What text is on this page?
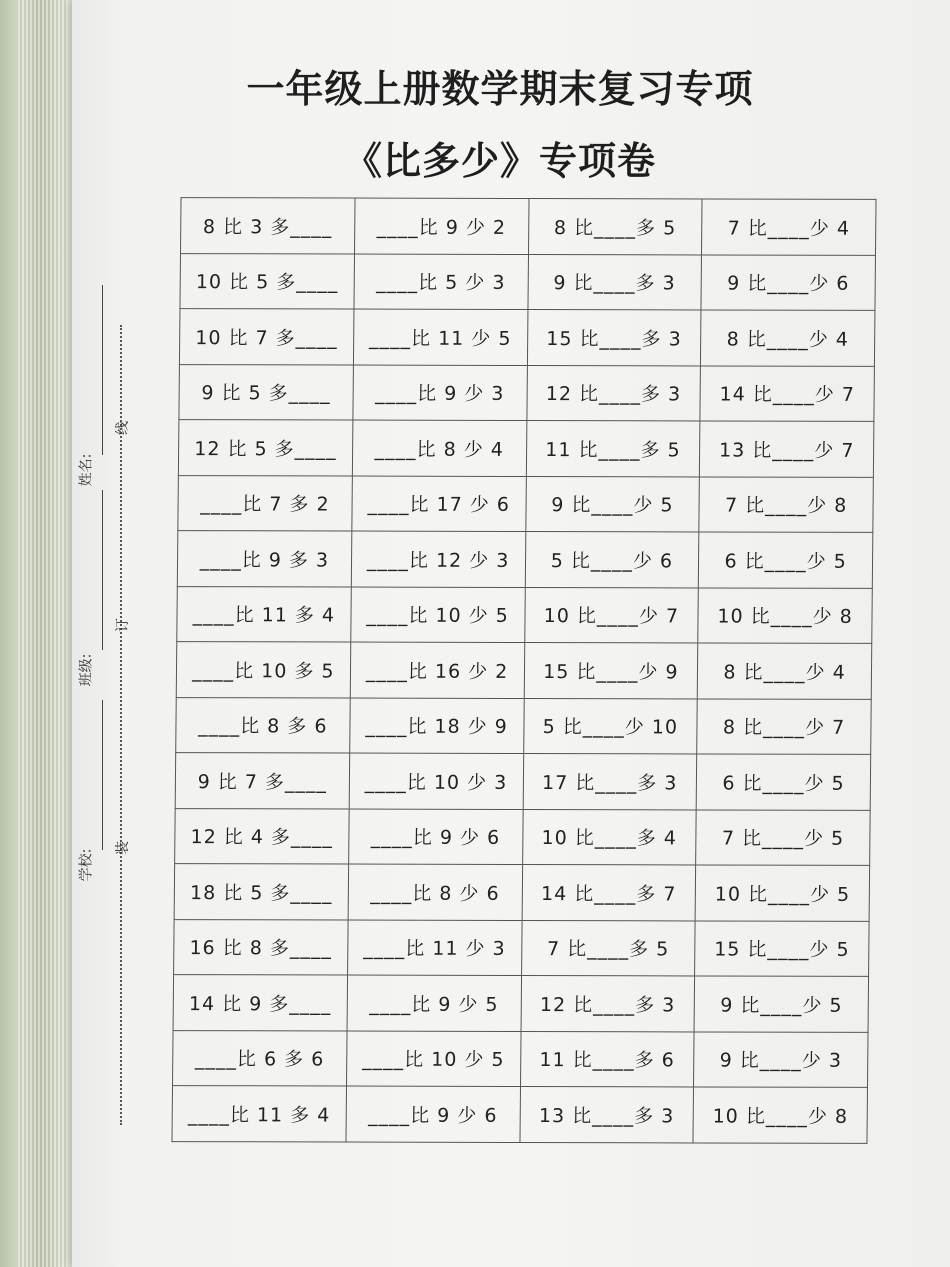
一年级上册数学期末复习专项
《比多少》专项卷
姓名:
班级:
学校:
线
订
装
8 比 3 多____	____比 9 少 2	8 比____多 5	7 比____少 4
10 比 5 多____	____比 5 少 3	9 比____多 3	9 比____少 6
10 比 7 多____	____比 11 少 5	15 比____多 3	8 比____少 4
9 比 5 多____	____比 9 少 3	12 比____多 3	14 比____少 7
12 比 5 多____	____比 8 少 4	11 比____多 5	13 比____少 7
____比 7 多 2	____比 17 少 6	9 比____少 5	7 比____少 8
____比 9 多 3	____比 12 少 3	5 比____少 6	6 比____少 5
____比 11 多 4	____比 10 少 5	10 比____少 7	10 比____少 8
____比 10 多 5	____比 16 少 2	15 比____少 9	8 比____少 4
____比 8 多 6	____比 18 少 9	5 比____少 10	8 比____少 7
9 比 7 多____	____比 10 少 3	17 比____多 3	6 比____少 5
12 比 4 多____	____比 9 少 6	10 比____多 4	7 比____少 5
18 比 5 多____	____比 8 少 6	14 比____多 7	10 比____少 5
16 比 8 多____	____比 11 少 3	7 比____多 5	15 比____少 5
14 比 9 多____	____比 9 少 5	12 比____多 3	9 比____少 5
____比 6 多 6	____比 10 少 5	11 比____多 6	9 比____少 3
____比 11 多 4	____比 9 少 6	13 比____多 3	10 比____少 8
